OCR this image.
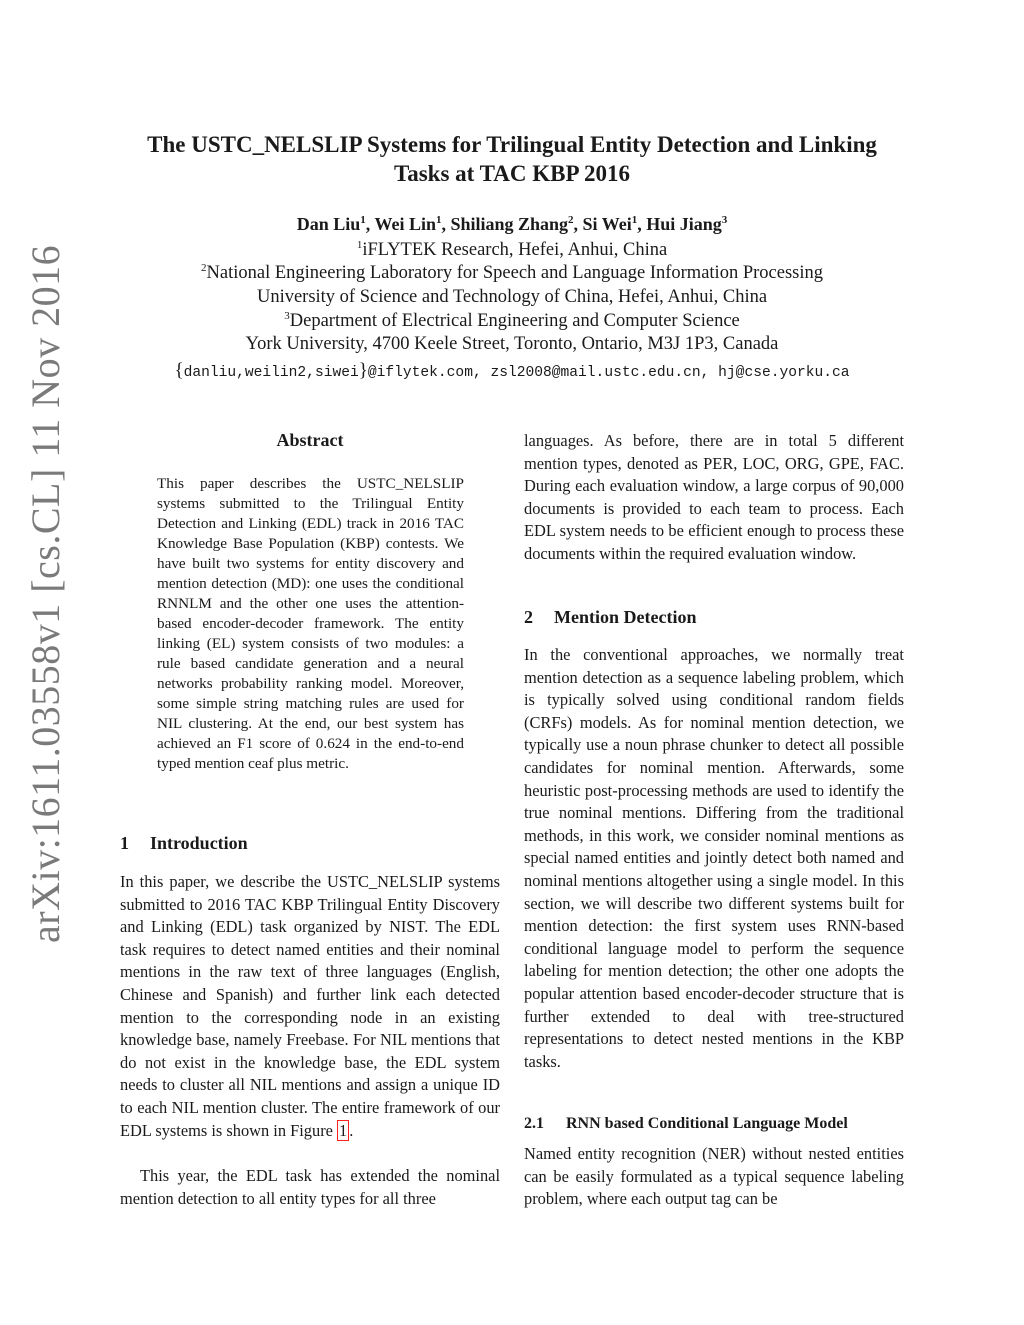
arXiv:1611.03558v1 [cs.CL] 11 Nov 2016
The USTC_NELSLIP Systems for Trilingual Entity Detection and Linking
Tasks at TAC KBP 2016
Dan Liu$^1$, Wei Lin$^1$, Shiliang Zhang$^2$, Si Wei$^1$, Hui Jiang$^3$
$^1$iFLYTEK Research, Hefei, Anhui, China
$^2$National Engineering Laboratory for Speech and Language Information Processing
University of Science and Technology of China, Hefei, Anhui, China
$^3$Department of Electrical Engineering and Computer Science
York University, 4700 Keele Street, Toronto, Ontario, M3J 1P3, Canada
{danliu,weilin2,siwei}@iflytek.com, zsl2008@mail.ustc.edu.cn, hj@cse.yorku.ca
Abstract

This paper describes the USTC_NELSLIP systems submitted to the Trilingual Entity Detection and Linking (EDL) track in 2016 TAC Knowledge Base Population (KBP) contests. We have built two systems for entity discovery and mention detection (MD): one uses the conditional RNNLM and the other one uses the attention-based encoder-decoder framework. The entity linking (EL) system consists of two modules: a rule based candidate generation and a neural networks probability ranking model. Moreover, some simple string matching rules are used for NIL clustering. At the end, our best system has achieved an F1 score of 0.624 in the end-to-end typed mention ceaf plus metric.

1 Introduction

In this paper, we describe the USTC_NELSLIP systems submitted to 2016 TAC KBP Trilingual Entity Discovery and Linking (EDL) task organized by NIST. The EDL task requires to detect named entities and their nominal mentions in the raw text of three languages (English, Chinese and Spanish) and further link each detected mention to the corresponding node in an existing knowledge base, namely Freebase. For NIL mentions that do not exist in the knowledge base, the EDL system needs to cluster all NIL mentions and assign a unique ID to each NIL mention cluster. The entire framework of our EDL systems is shown in Figure 1 .

This year, the EDL task has extended the nominal mention detection to all entity types for all three

languages. As before, there are in total 5 different mention types, denoted as PER, LOC, ORG, GPE, FAC. During each evaluation window, a large corpus of 90,000 documents is provided to each team to process. Each EDL system needs to be efficient enough to process these documents within the required evaluation window.

2 Mention Detection

In the conventional approaches, we normally treat mention detection as a sequence labeling problem, which is typically solved using conditional random fields (CRFs) models. As for nominal mention detection, we typically use a noun phrase chunker to detect all possible candidates for nominal mention. Afterwards, some heuristic post-processing methods are used to identify the true nominal mentions. Differing from the traditional methods, in this work, we consider nominal mentions as special named entities and jointly detect both named and nominal mentions altogether using a single model. In this section, we will describe two different systems built for mention detection: the first system uses RNN-based conditional language model to perform the sequence labeling for mention detection; the other one adopts the popular attention based encoder-decoder structure that is further extended to deal with tree-structured representations to detect nested mentions in the KBP tasks.

2.1 RNN based Conditional Language Model

Named entity recognition (NER) without nested entities can be easily formulated as a typical sequence labeling problem, where each output tag can be
